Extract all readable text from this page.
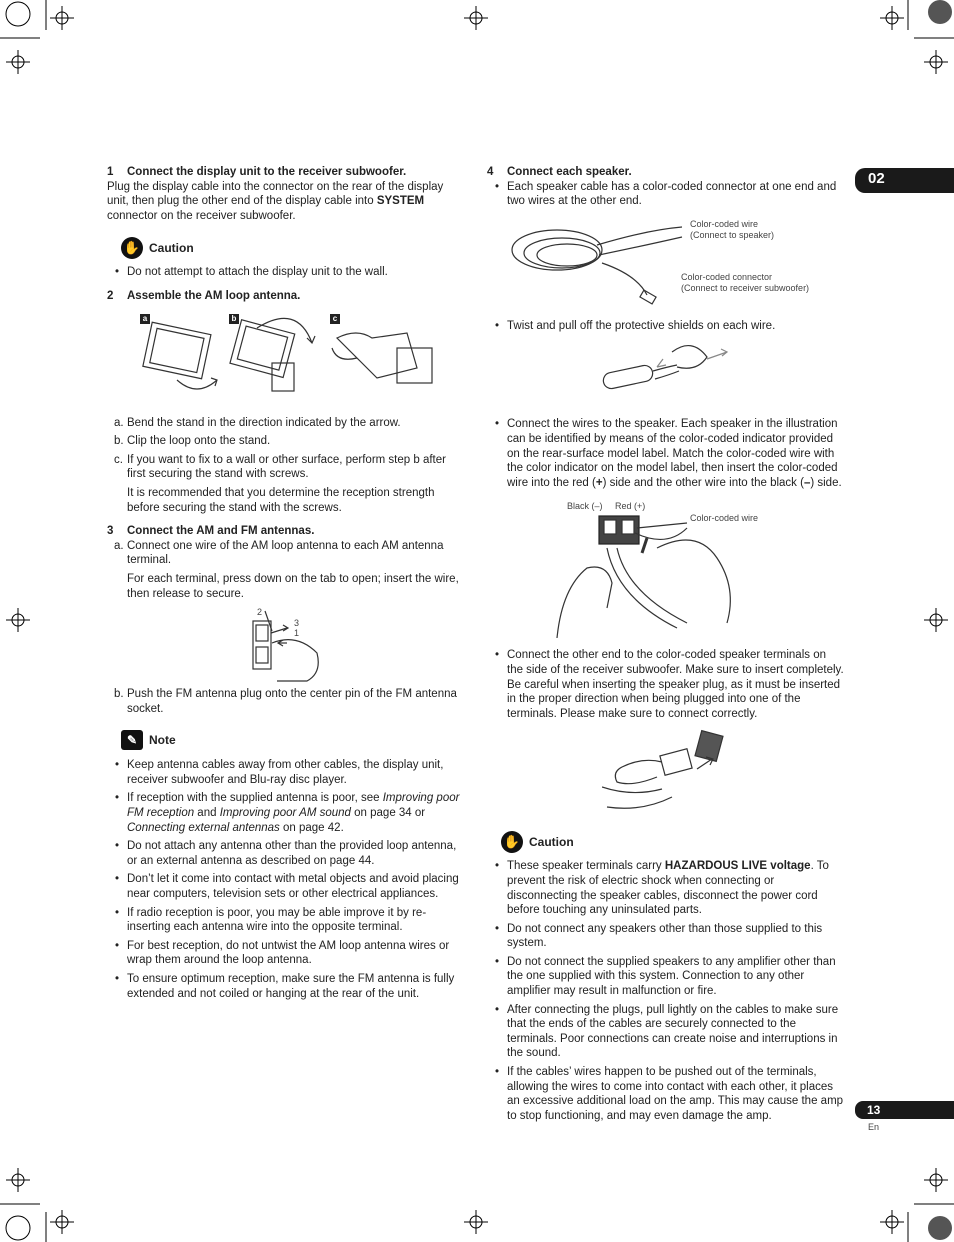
02
13
En

1 Connect the display unit to the receiver subwoofer.

Plug the display cable into the connector on the rear of the display unit, then plug the other end of the display cable into SYSTEM connector on the receiver subwoofer.

✋ Caution

• Do not attempt to attach the display unit to the wall.

2 Assemble the AM loop antenna.

a	b	c

a. Bend the stand in the direction indicated by the arrow.

b. Clip the loop onto the stand.

c. If you want to fix to a wall or other surface, perform step b after first securing the stand with screws.

It is recommended that you determine the reception strength before securing the stand with the screws.

3 Connect the AM and FM antennas.

a. Connect one wire of the AM loop antenna to each AM antenna terminal.

For each terminal, press down on the tab to open; insert the wire, then release to secure.

2
3
1

b. Push the FM antenna plug onto the center pin of the FM antenna socket.

✎ Note

• Keep antenna cables away from other cables, the display unit, receiver subwoofer and Blu-ray disc player.

• If reception with the supplied antenna is poor, see Improving poor FM reception and Improving poor AM sound on page 34 or Connecting external antennas on page 42.

• Do not attach any antenna other than the provided loop antenna, or an external antenna as described on page 44.

• Don’t let it come into contact with metal objects and avoid placing near computers, television sets or other electrical appliances.

• If radio reception is poor, you may be able improve it by re-inserting each antenna wire into the opposite terminal.

• For best reception, do not untwist the AM loop antenna wires or wrap them around the loop antenna.

• To ensure optimum reception, make sure the FM antenna is fully extended and not coiled or hanging at the rear of the unit.

4 Connect each speaker.

• Each speaker cable has a color-coded connector at one end and two wires at the other end.

Color-coded wire
(Connect to speaker)
Color-coded connector
(Connect to receiver subwoofer)

• Twist and pull off the protective shields on each wire.

• Connect the wires to the speaker. Each speaker in the illustration can be identified by means of the color-coded indicator provided on the rear-surface model label. Match the color-coded wire with the color indicator on the model label, then insert the color-coded wire into the red (+) side and the other wire into the black (–) side.

Black (–) Red (+)
Color-coded wire

• Connect the other end to the color-coded speaker terminals on the side of the receiver subwoofer. Make sure to insert completely.
Be careful when inserting the speaker plug, as it must be inserted in the proper direction when being plugged into one of the terminals. Please make sure to connect correctly.

✋ Caution

• These speaker terminals carry HAZARDOUS LIVE voltage. To prevent the risk of electric shock when connecting or disconnecting the speaker cables, disconnect the power cord before touching any uninsulated parts.

• Do not connect any speakers other than those supplied to this system.

• Do not connect the supplied speakers to any amplifier other than the one supplied with this system. Connection to any other amplifier may result in malfunction or fire.

• After connecting the plugs, pull lightly on the cables to make sure that the ends of the cables are securely connected to the terminals. Poor connections can create noise and interruptions in the sound.

• If the cables’ wires happen to be pushed out of the terminals, allowing the wires to come into contact with each other, it places an excessive additional load on the amp. This may cause the amp to stop functioning, and may even damage the amp.
